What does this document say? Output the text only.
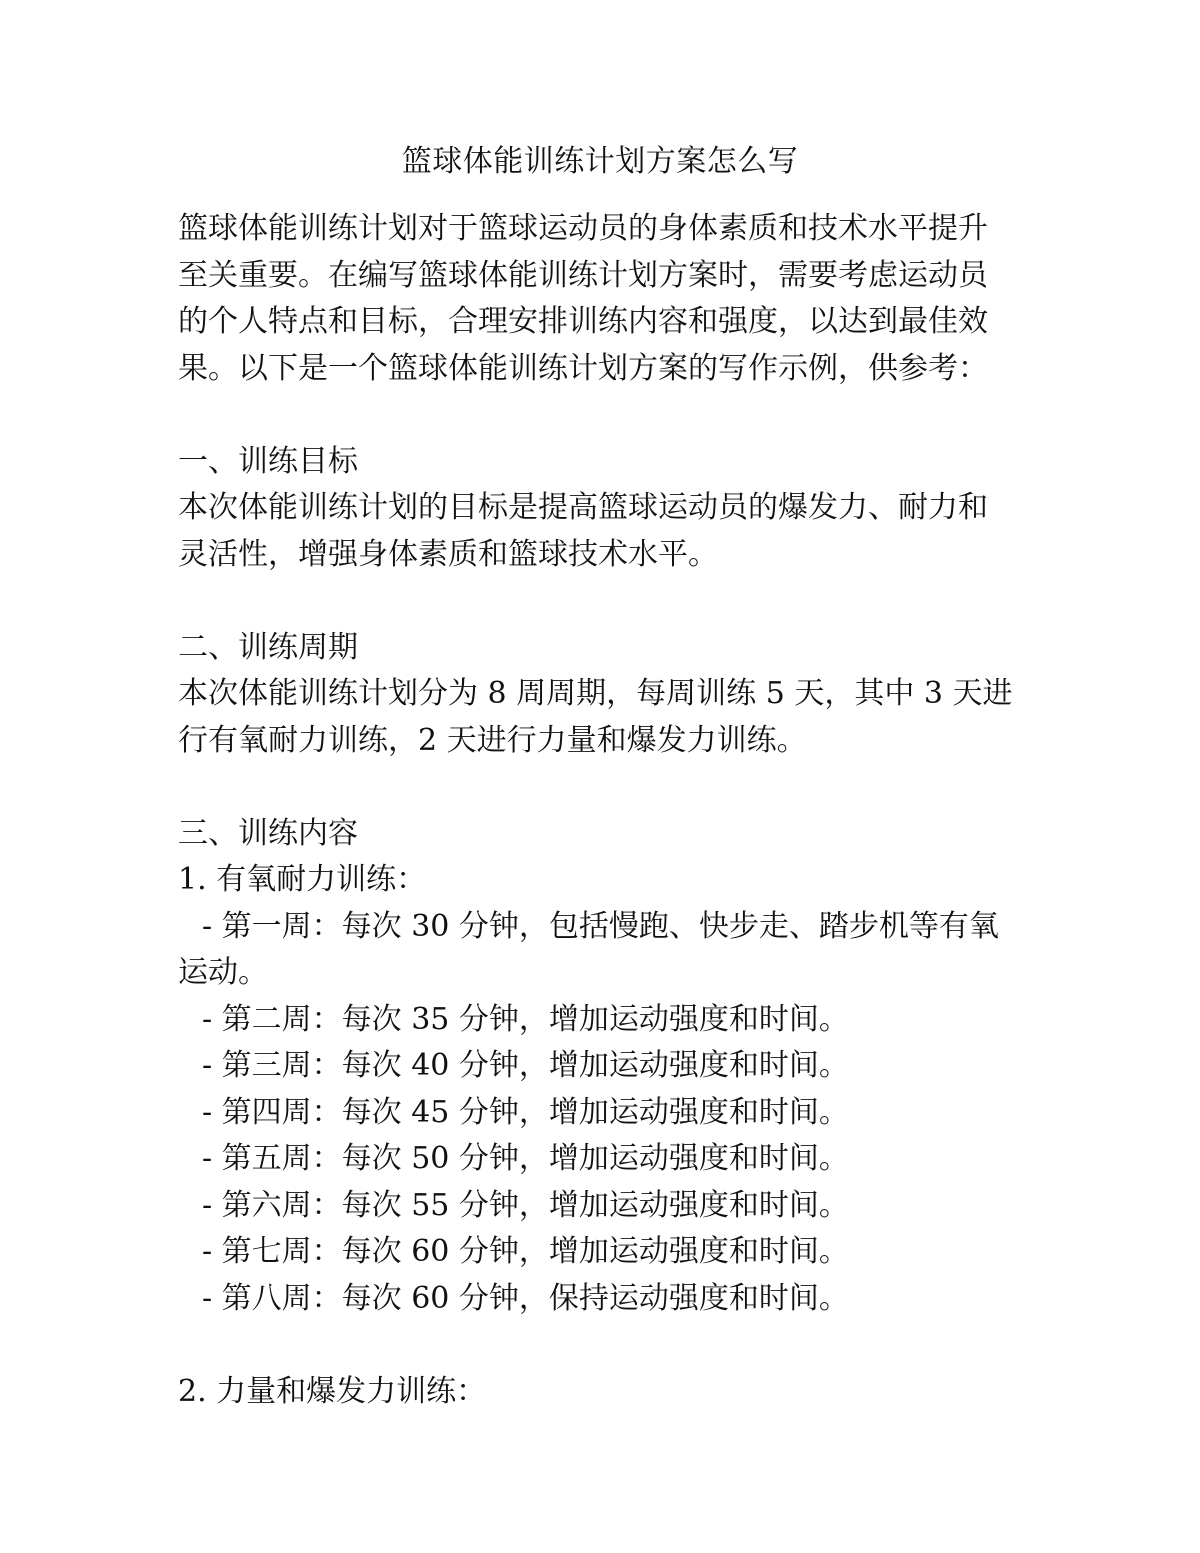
篮球体能训练计划方案怎么写
篮球体能训练计划对于篮球运动员的身体素质和技术水平提升
至关重要。在编写篮球体能训练计划方案时，需要考虑运动员
的个人特点和目标，合理安排训练内容和强度，以达到最佳效
果。以下是一个篮球体能训练计划方案的写作示例，供参考：
一、训练目标
本次体能训练计划的目标是提高篮球运动员的爆发力、耐力和
灵活性，增强身体素质和篮球技术水平。
二、训练周期
本次体能训练计划分为 8 周周期，每周训练 5 天，其中 3 天进
行有氧耐力训练，2 天进行力量和爆发力训练。
三、训练内容
1. 有氧耐力训练：
- 第一周：每次 30 分钟，包括慢跑、快步走、踏步机等有氧
运动。
- 第二周：每次 35 分钟，增加运动强度和时间。
- 第三周：每次 40 分钟，增加运动强度和时间。
- 第四周：每次 45 分钟，增加运动强度和时间。
- 第五周：每次 50 分钟，增加运动强度和时间。
- 第六周：每次 55 分钟，增加运动强度和时间。
- 第七周：每次 60 分钟，增加运动强度和时间。
- 第八周：每次 60 分钟，保持运动强度和时间。
2. 力量和爆发力训练：
